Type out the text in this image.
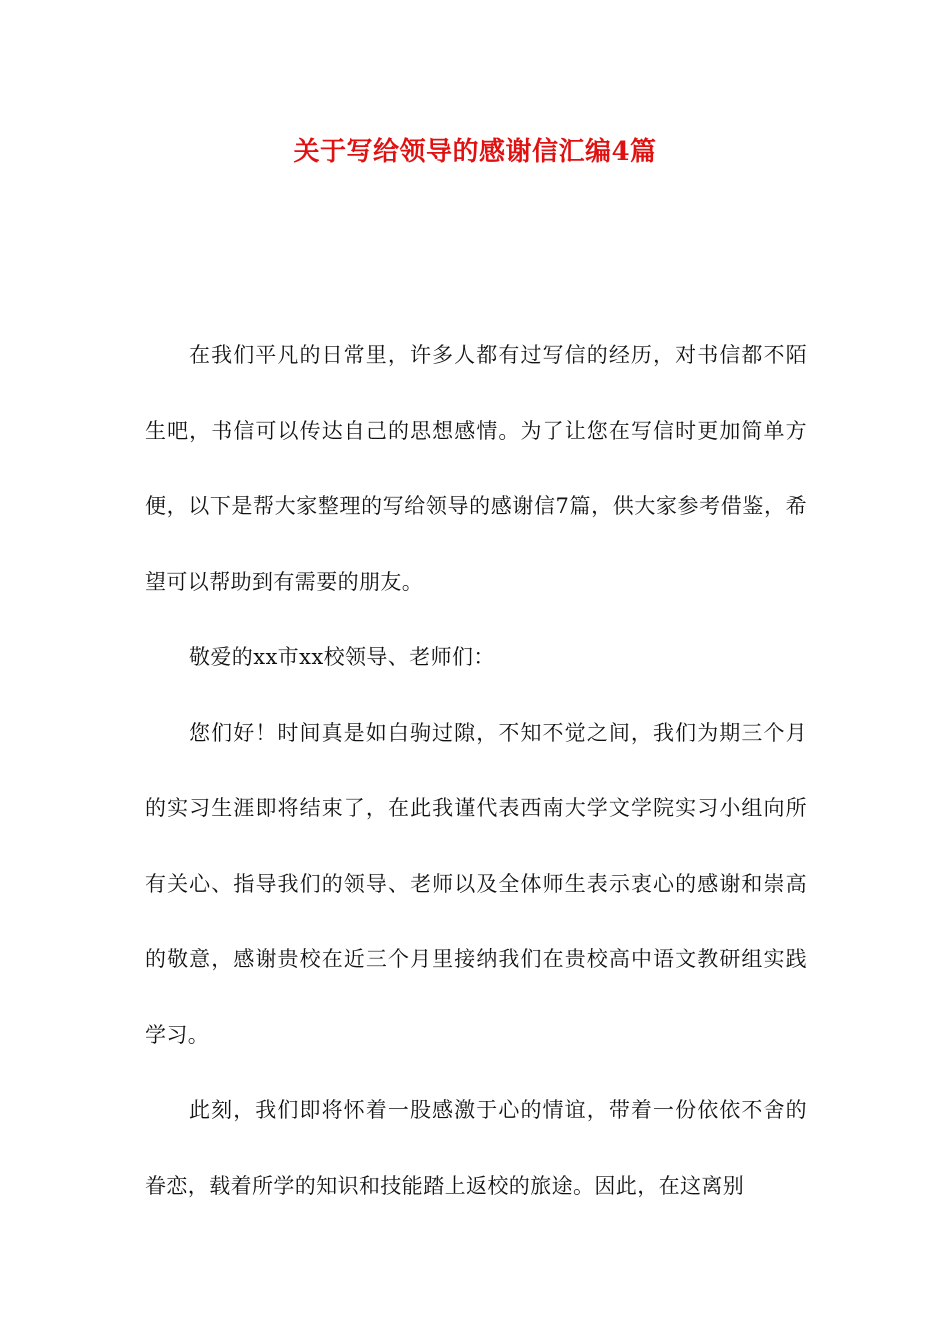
关于写给领导的感谢信汇编4篇

在我们平凡的日常里，许多人都有过写信的经历，对书信都不陌生吧，书信可以传达自己的思想感情。为了让您在写信时更加简单方便，以下是帮大家整理的写给领导的感谢信7篇，供大家参考借鉴，希望可以帮助到有需要的朋友。

敬爱的xx市xx校领导、老师们：

您们好！时间真是如白驹过隙，不知不觉之间，我们为期三个月的实习生涯即将结束了，在此我谨代表西南大学文学院实习小组向所有关心、指导我们的领导、老师以及全体师生表示衷心的感谢和崇高的敬意，感谢贵校在近三个月里接纳我们在贵校高中语文教研组实践学习。

此刻，我们即将怀着一股感激于心的情谊，带着一份依依不舍的眷恋，载着所学的知识和技能踏上返校的旅途。因此，在这离别
